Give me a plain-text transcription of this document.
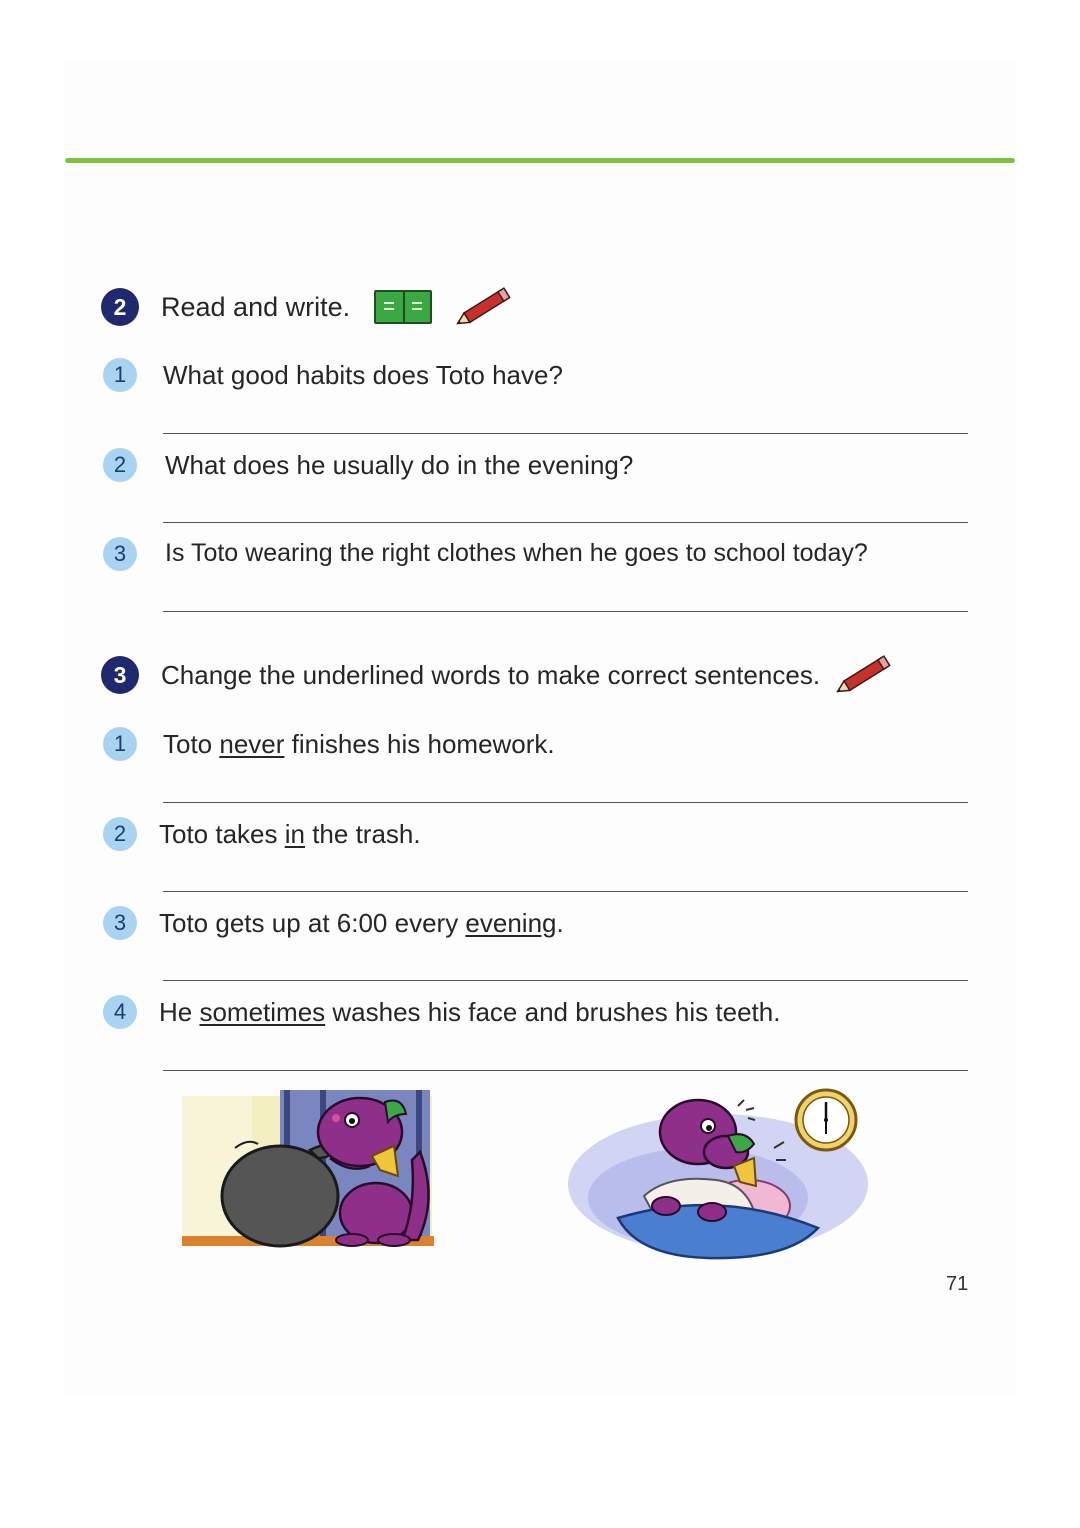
2	Read and write.
1	What good habits does Toto have?
2	What does he usually do in the evening?
3	Is Toto wearing the right clothes when he goes to school today?
3	Change the underlined words to make correct sentences.
1	Toto never finishes his homework.
2	Toto takes in the trash.
3	Toto gets up at 6:00 every evening.
4	He sometimes washes his face and brushes his teeth.
71
